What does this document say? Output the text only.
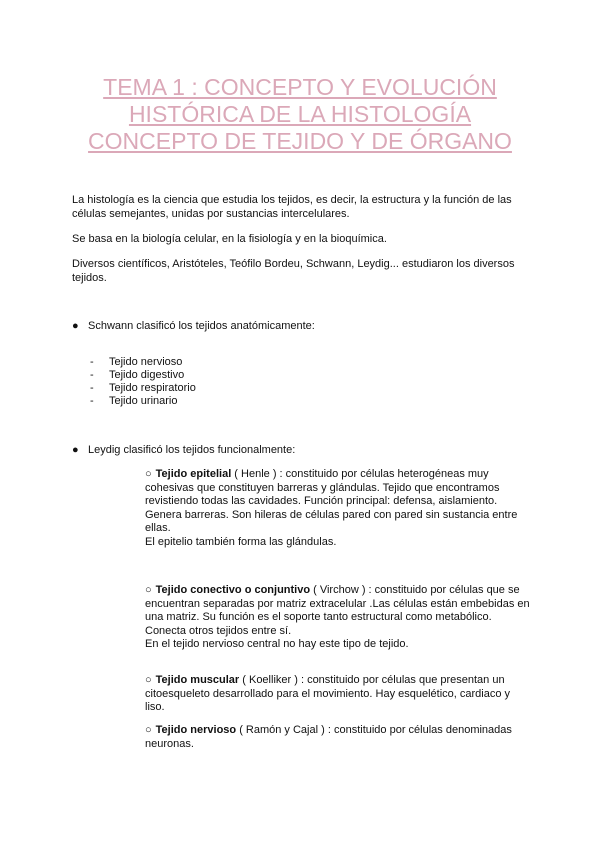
TEMA 1 : CONCEPTO Y EVOLUCIÓN
HISTÓRICA DE LA HISTOLOGÍA
CONCEPTO DE TEJIDO Y DE ÓRGANO

La histología es la ciencia que estudia los tejidos, es decir, la estructura y la función de las células semejantes, unidas por sustancias intercelulares.

Se basa en la biología celular, en la fisiología y en la bioquímica.

Diversos científicos, Aristóteles, Teófilo Bordeu, Schwann, Leydig... estudiaron los diversos tejidos.

● Schwann clasificó los tejidos anatómicamente:
-	Tejido nervioso
-	Tejido digestivo
-	Tejido respiratorio
-	Tejido urinario
● Leydig clasificó los tejidos funcionalmente:

○ Tejido epitelial ( Henle ) : constituido por células heterogéneas muy cohesivas que constituyen barreras y glándulas. Tejido que encontramos revistiendo todas las cavidades. Función principal: defensa, aislamiento. Genera barreras. Son hileras de células pared con pared sin sustancia entre ellas.
El epitelio también forma las glándulas.

○ Tejido conectivo o conjuntivo ( Virchow ) : constituido por células que se encuentran separadas por matriz extracelular .Las células están embebidas en una matriz. Su función es el soporte tanto estructural como metabólico. Conecta otros tejidos entre sí.
En el tejido nervioso central no hay este tipo de tejido.

○ Tejido muscular ( Koelliker ) : constituido por células que presentan un citoesqueleto desarrollado para el movimiento. Hay esquelético, cardiaco y liso.

○ Tejido nervioso ( Ramón y Cajal ) : constituido por células denominadas neuronas.
